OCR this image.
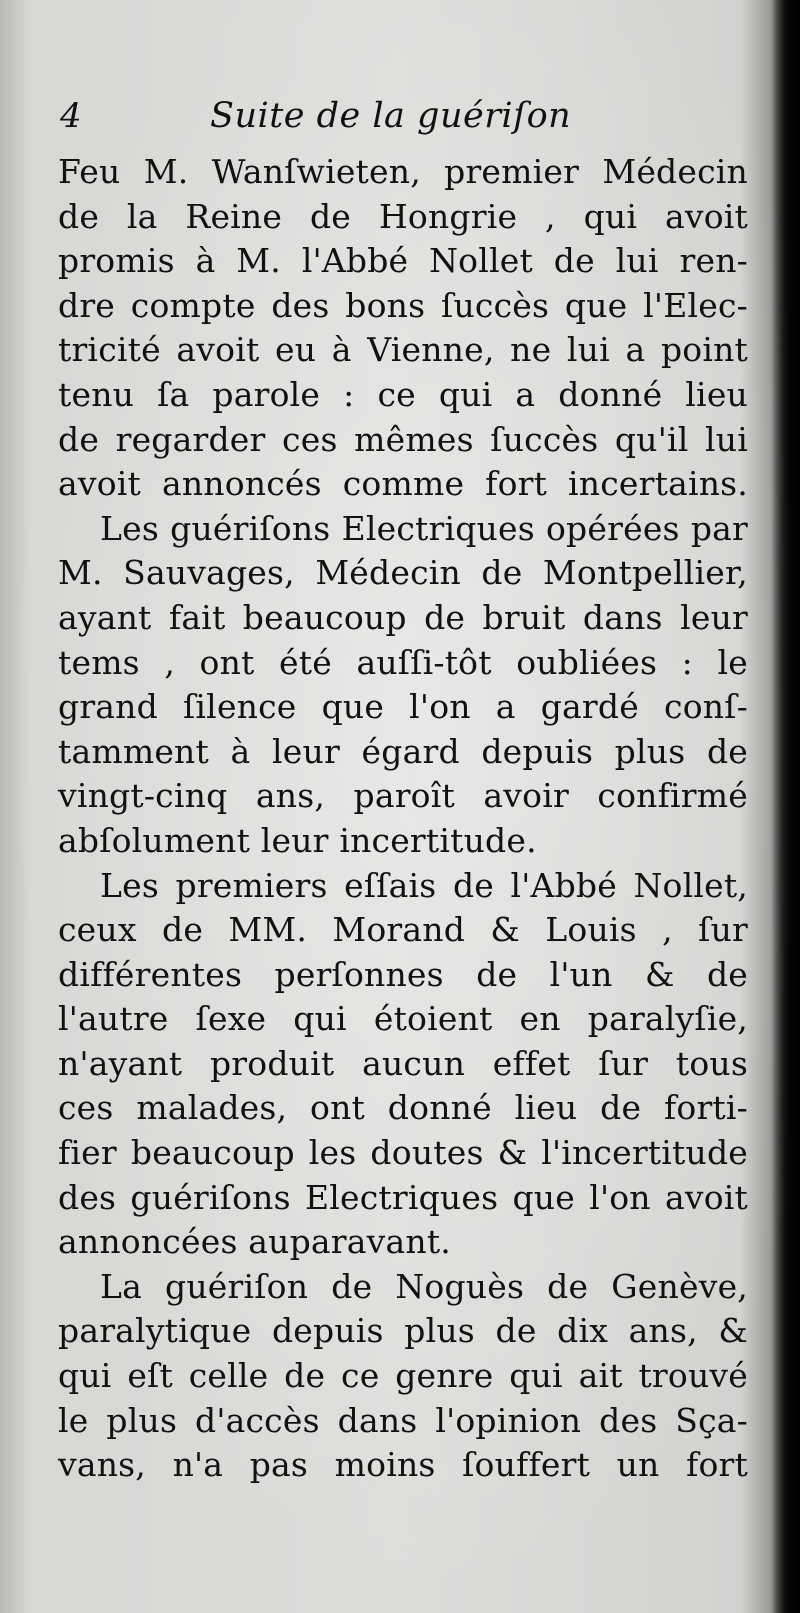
4	Suite de la guériſon
Feu M. Wanſwieten, premier Médecin
de la Reine de Hongrie , qui avoit
promis à M. l'Abbé Nollet de lui ren-
dre compte des bons ſuccès que l'Elec-
tricité avoit eu à Vienne, ne lui a point
tenu ſa parole : ce qui a donné lieu
de regarder ces mêmes ſuccès qu'il lui
avoit annoncés comme fort incertains.
Les guériſons Electriques opérées par
M. Sauvages, Médecin de Montpellier,
ayant fait beaucoup de bruit dans leur
tems , ont été auſſi-tôt oubliées : le
grand ſilence que l'on a gardé conſ-
tamment à leur égard depuis plus de
vingt-cinq ans, paroît avoir confirmé
abſolument leur incertitude.
Les premiers eſſais de l'Abbé Nollet,
ceux de MM. Morand & Louis , ſur
différentes perſonnes de l'un & de
l'autre ſexe qui étoient en paralyſie,
n'ayant produit aucun effet ſur tous
ces malades, ont donné lieu de forti-
fier beaucoup les doutes & l'incertitude
des guériſons Electriques que l'on avoit
annoncées auparavant.
La guériſon de Noguès de Genève,
paralytique depuis plus de dix ans, &
qui eſt celle de ce genre qui ait trouvé
le plus d'accès dans l'opinion des Sça-
vans, n'a pas moins ſouffert un fort
